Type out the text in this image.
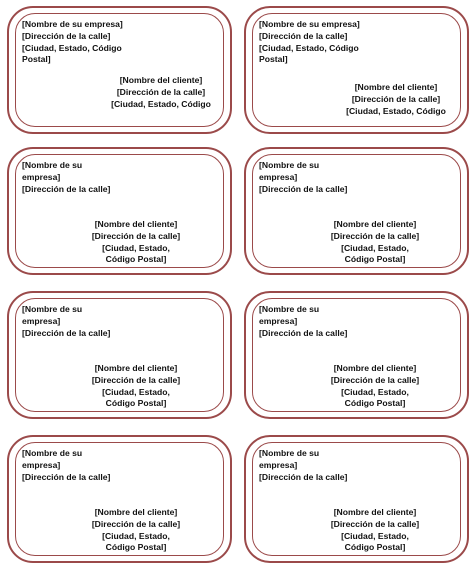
[Nombre de su empresa]
[Dirección de la calle]
[Ciudad, Estado, Código
Postal]
[Nombre del cliente]
[Dirección de la calle]
[Ciudad, Estado, Código
[Nombre de su empresa]
[Dirección de la calle]
[Ciudad, Estado, Código
Postal]
[Nombre del cliente]
[Dirección de la calle]
[Ciudad, Estado, Código
[Nombre de su
empresa]
[Dirección de la calle]
[Nombre del cliente]
[Dirección de la calle]
[Ciudad, Estado,
Código Postal]
[Nombre de su
empresa]
[Dirección de la calle]
[Nombre del cliente]
[Dirección de la calle]
[Ciudad, Estado,
Código Postal]
[Nombre de su
empresa]
[Dirección de la calle]
[Nombre del cliente]
[Dirección de la calle]
[Ciudad, Estado,
Código Postal]
[Nombre de su
empresa]
[Dirección de la calle]
[Nombre del cliente]
[Dirección de la calle]
[Ciudad, Estado,
Código Postal]
[Nombre de su
empresa]
[Dirección de la calle]
[Nombre del cliente]
[Dirección de la calle]
[Ciudad, Estado,
Código Postal]
[Nombre de su
empresa]
[Dirección de la calle]
[Nombre del cliente]
[Dirección de la calle]
[Ciudad, Estado,
Código Postal]
